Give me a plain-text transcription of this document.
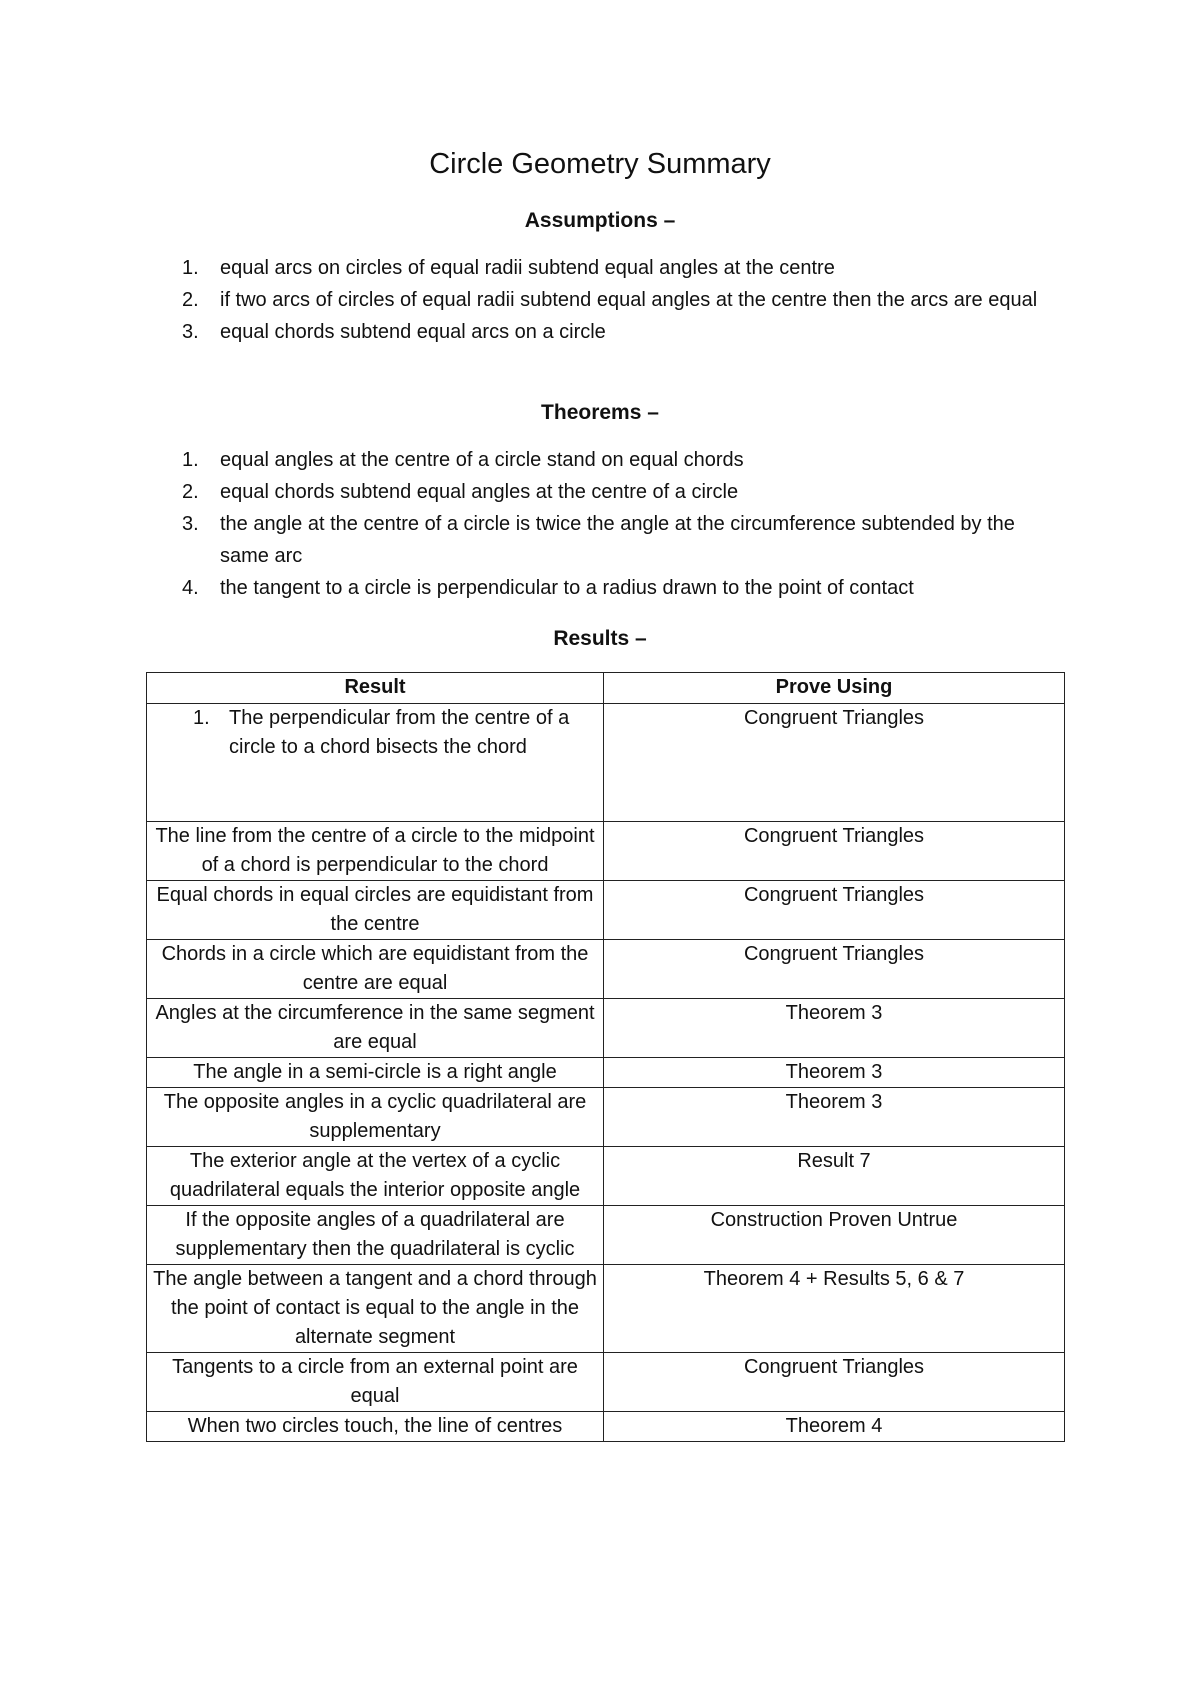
Circle Geometry Summary
Assumptions –
1. equal arcs on circles of equal radii subtend equal angles at the centre
2. if two arcs of circles of equal radii subtend equal angles at the centre then the arcs are equal
3. equal chords subtend equal arcs on a circle
Theorems –
1. equal angles at the centre of a circle stand on equal chords
2. equal chords subtend equal angles at the centre of a circle
3. the angle at the centre of a circle is twice the angle at the circumference subtended by the same arc
4. the tangent to a circle is perpendicular to a radius drawn to the point of contact
Results –
Result	Prove Using

1. The perpendicular from the centre of a circle to a chord bisects the chord	Congruent Triangles
The line from the centre of a circle to the midpoint of a chord is perpendicular to the chord	Congruent Triangles
Equal chords in equal circles are equidistant from the centre	Congruent Triangles
Chords in a circle which are equidistant from the centre are equal	Congruent Triangles
Angles at the circumference in the same segment are equal	Theorem 3
The angle in a semi-circle is a right angle	Theorem 3
The opposite angles in a cyclic quadrilateral are supplementary	Theorem 3
The exterior angle at the vertex of a cyclic quadrilateral equals the interior opposite angle	Result 7
If the opposite angles of a quadrilateral are supplementary then the quadrilateral is cyclic	Construction Proven Untrue
The angle between a tangent and a chord through the point of contact is equal to the angle in the alternate segment	Theorem 4 + Results 5, 6 & 7
Tangents to a circle from an external point are equal	Congruent Triangles
When two circles touch, the line of centres	Theorem 4
